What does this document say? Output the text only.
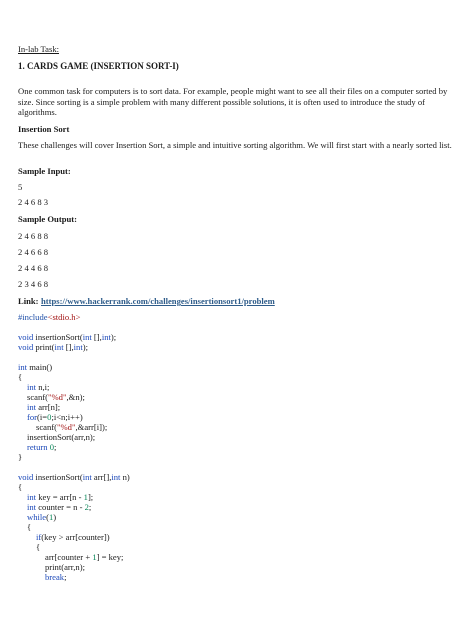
In-lab Task:
1. CARDS GAME (INSERTION SORT-I)
One common task for computers is to sort data. For example, people might want to see all their files on a computer sorted by size. Since sorting is a simple problem with many different possible solutions, it is often used to introduce the study of algorithms.
Insertion Sort
These challenges will cover Insertion Sort, a simple and intuitive sorting algorithm. We will first start with a nearly sorted list.
Sample Input:
5
2 4 6 8 3
Sample Output:
2 4 6 8 8
2 4 6 6 8
2 4 4 6 8
2 3 4 6 8
Link: https://www.hackerrank.com/challenges/insertionsort1/problem
#include<stdio.h>
void insertionSort(int [],int);
void print(int [],int);
int main()
{
int n,i;
scanf("%d",&n);
int arr[n];
for(i=0;i<n;i++)
scanf("%d",&arr[i]);
insertionSort(arr,n);
return 0;
}
void insertionSort(int arr[],int n)
{
int key = arr[n - 1];
int counter = n - 2;
while(1)
{
if(key > arr[counter])
{
arr[counter + 1] = key;
print(arr,n);
break;
